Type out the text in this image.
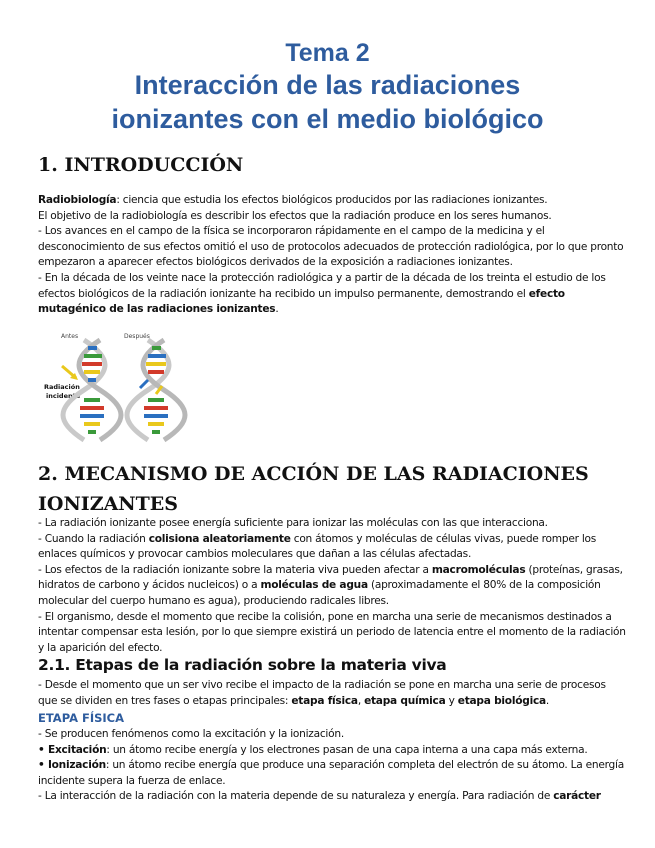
Tema 2
Interacción de las radiaciones
ionizantes con el medio biológico
1. INTRODUCCIÓN

Radiobiología: ciencia que estudia los efectos biológicos producidos por las radiaciones ionizantes.

El objetivo de la radiobiología es describir los efectos que la radiación produce en los seres humanos.

- Los avances en el campo de la física se incorporaron rápidamente en el campo de la medicina y el desconocimiento de sus efectos omitió el uso de protocolos adecuados de protección radiológica, por lo que pronto empezaron a aparecer efectos biológicos derivados de la exposición a radiaciones ionizantes.

- En la década de los veinte nace la protección radiológica y a partir de la década de los treinta el estudio de los efectos biológicos de la radiación ionizante ha recibido un impulso permanente, demostrando el efecto mutagénico de las radiaciones ionizantes.

Antes	Después
Radiación
incidente
2. MECANISMO DE ACCIÓN DE LAS RADIACIONES
IONIZANTES

- La radiación ionizante posee energía suficiente para ionizar las moléculas con las que interacciona.

- Cuando la radiación colisiona aleatoriamente con átomos y moléculas de células vivas, puede romper los enlaces químicos y provocar cambios moleculares que dañan a las células afectadas.

- Los efectos de la radiación ionizante sobre la materia viva pueden afectar a macromoléculas (proteínas, grasas, hidratos de carbono y ácidos nucleicos) o a moléculas de agua (aproximadamente el 80% de la composición molecular del cuerpo humano es agua), produciendo radicales libres.

- El organismo, desde el momento que recibe la colisión, pone en marcha una serie de mecanismos destinados a intentar compensar esta lesión, por lo que siempre existirá un periodo de latencia entre el momento de la radiación y la aparición del efecto.

2.1. Etapas de la radiación sobre la materia viva

- Desde el momento que un ser vivo recibe el impacto de la radiación se pone en marcha una serie de procesos que se dividen en tres fases o etapas principales: etapa física, etapa química y etapa biológica.

ETAPA FÍSICA

- Se producen fenómenos como la excitación y la ionización.

• Excitación: un átomo recibe energía y los electrones pasan de una capa interna a una capa más externa.

• Ionización: un átomo recibe energía que produce una separación completa del electrón de su átomo. La energía incidente supera la fuerza de enlace.

- La interacción de la radiación con la materia depende de su naturaleza y energía. Para radiación de carácter
